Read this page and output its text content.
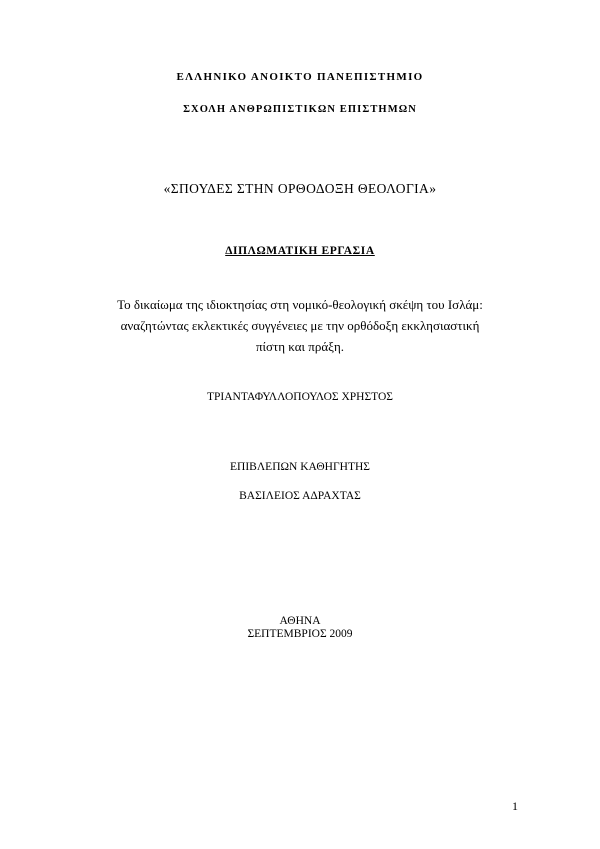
ΕΛΛΗΝΙΚΟ ΑΝΟΙΚΤΟ ΠΑΝΕΠΙΣΤΗΜΙΟ
ΣΧΟΛΗ ΑΝΘΡΩΠΙΣΤΙΚΩΝ ΕΠΙΣΤΗΜΩΝ
«ΣΠΟΥΔΕΣ ΣΤΗΝ ΟΡΘΟΔΟΞΗ ΘΕΟΛΟΓΙΑ»
ΔΙΠΛΩΜΑΤΙΚΗ ΕΡΓΑΣΙΑ
Το δικαίωμα της ιδιοκτησίας στη νομικό-θεολογική σκέψη του Ισλάμ:
αναζητώντας εκλεκτικές συγγένειες με την ορθόδοξη εκκλησιαστική
πίστη και πράξη.
ΤΡΙΑΝΤΑΦΥΛΛΟΠΟΥΛΟΣ ΧΡΗΣΤΟΣ
ΕΠΙΒΛΕΠΩΝ ΚΑΘΗΓΗΤΗΣ
ΒΑΣΙΛΕΙΟΣ ΑΔΡΑΧΤΑΣ
ΑΘΗΝΑ
ΣΕΠΤΕΜΒΡΙΟΣ 2009
1
